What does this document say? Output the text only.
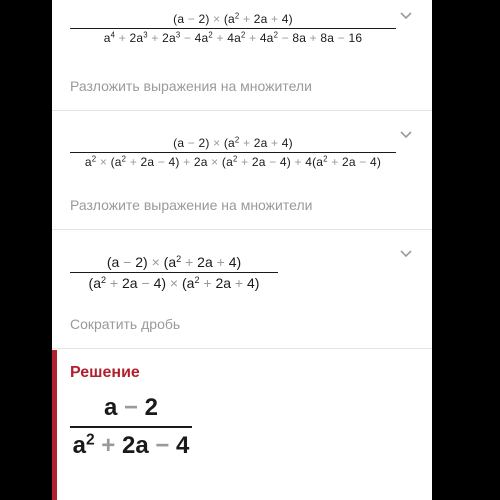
$(a - 2) \times (a^2 + 2a + 4)$
$a^4 + 2a^3 + 2a^3 - 4a^2 + 4a^2 + 4a^2 - 8a + 8a - 16$
Разложить выражения на множители
$(a - 2) \times (a^2 + 2a + 4)$
$a^2 \times (a^2 + 2a - 4) + 2a \times (a^2 + 2a - 4) + 4(a^2 + 2a - 4)$
Разложите выражение на множители
$(a - 2) \times (a^2 + 2a + 4)$
$(a^2 + 2a - 4) \times (a^2 + 2a + 4)$
Сократить дробь
Решение
a − 2
$a^2 + 2a - 4$
